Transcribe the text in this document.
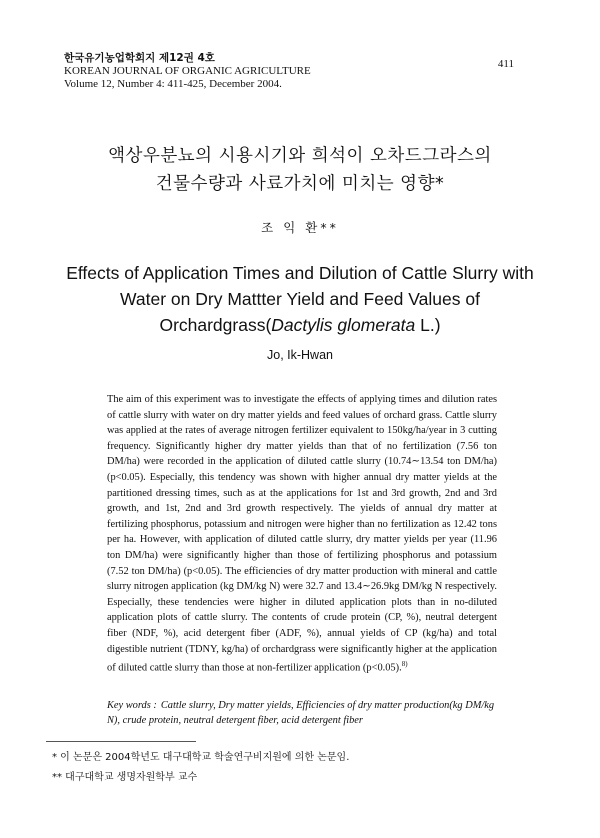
한국유기농업학회지 제12권 4호
KOREAN JOURNAL OF ORGANIC AGRICULTURE
Volume 12, Number 4: 411-425, December 2004.
411
액상우분뇨의 시용시기와 희석이 오차드그라스의
건물수량과 사료가치에 미치는 영향*
조 익 환**
Effects of Application Times and Dilution of Cattle Slurry with
Water on Dry Mattter Yield and Feed Values of
Orchardgrass(Dactylis glomerata L.)
Jo, Ik-Hwan
The aim of this experiment was to investigate the effects of applying times and dilution rates of cattle slurry with water on dry matter yields and feed values of orchard grass. Cattle slurry was applied at the rates of average nitrogen fertilizer equivalent to 150kg/ha/year in 3 cutting frequency. Significantly higher dry matter yields than that of no fertilization (7.56 ton DM/ha) were recorded in the application of diluted cattle slurry (10.74∼13.54 ton DM/ha) (p<0.05). Especially, this tendency was shown with higher annual dry matter yields at the partitioned dressing times, such as at the applications for 1st and 3rd growth, 2nd and 3rd growth, and 1st, 2nd and 3rd growth respectively. The yields of annual dry matter at fertilizing phosphorus, potassium and nitrogen were higher than no fertilization as 12.42 tons per ha. However, with application of diluted cattle slurry, dry matter yields per year (11.96 ton DM/ha) were significantly higher than those of fertilizing phosphorus and potassium (7.52 ton DM/ha) (p<0.05). The efficiencies of dry matter production with mineral and cattle slurry nitrogen application (kg DM/kg N) were 32.7 and 13.4∼26.9kg DM/kg N respectively. Especially, these tendencies were higher in diluted application plots than in no-diluted application plots of cattle slurry. The contents of crude protein (CP, %), neutral detergent fiber (NDF, %), acid detergent fiber (ADF, %), annual yields of CP (kg/ha) and total digestible nutrient (TDNY, kg/ha) of orchardgrass were significantly higher at the application of diluted cattle slurry than those at non-fertilizer application (p<0.05).$^{8)}$
Key words : Cattle slurry, Dry matter yields, Efficiencies of dry matter production(kg DM/kg N), crude protein, neutral detergent fiber, acid detergent fiber
* 이 논문은 2004학년도 대구대학교 학술연구비지원에 의한 논문임.
** 대구대학교 생명자원학부 교수
